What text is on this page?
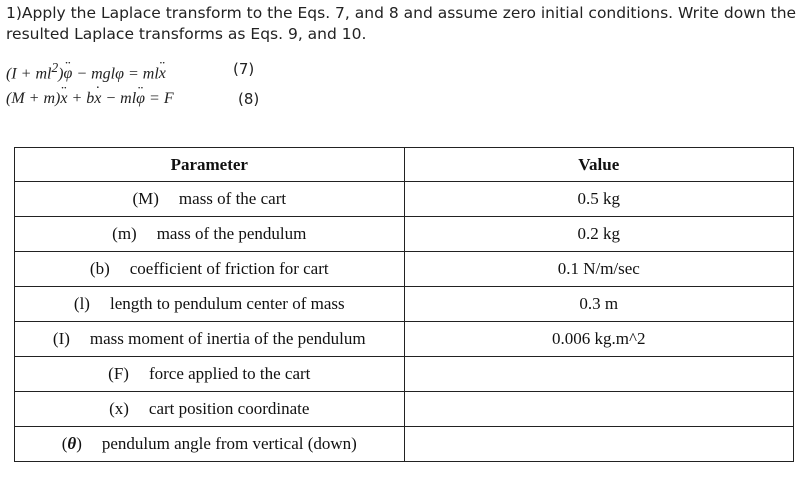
1)Apply the Laplace transform to the Eqs. 7, and 8 and assume zero initial conditions. Write down the resulted Laplace transforms as Eqs. 9, and 10.
$(I + ml^2)\varphi$ ¨ − mglφ = mlx ¨	(7)
(M + m)x ¨ + bx ˙ − mlφ ¨ = F	(8)
Parameter	Value
(M) mass of the cart	0.5 kg
(m) mass of the pendulum	0.2 kg
(b) coefficient of friction for cart	0.1 N/m/sec
(l) length to pendulum center of mass	0.3 m
(I) mass moment of inertia of the pendulum	0.006 kg.m^2
(F) force applied to the cart	
(x) cart position coordinate	
(θ) pendulum angle from vertical (down)	
